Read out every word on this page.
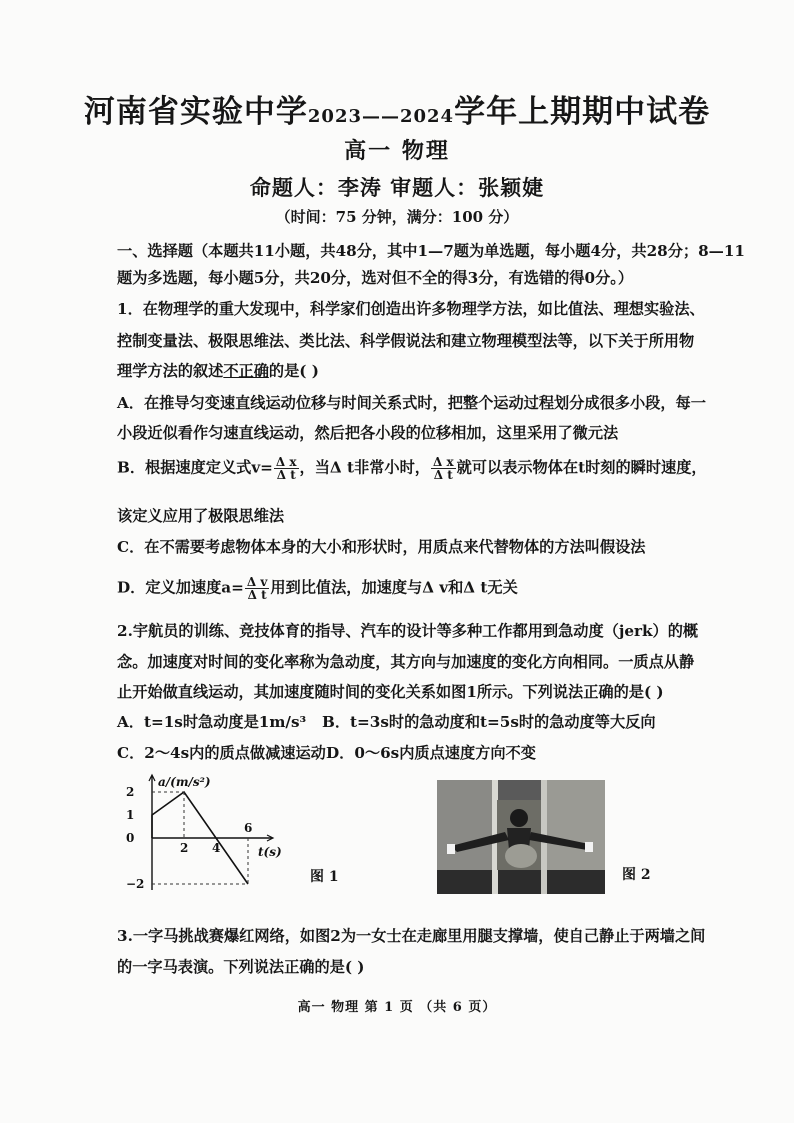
河南省实验中学2023——2024学年上期期中试卷
高一 物理
命题人：李涛 审题人：张颖婕
（时间：75 分钟，满分：100 分）
一、选择题（本题共11小题，共48分，其中1—7题为单选题，每小题4分，共28分；8—11
题为多选题，每小题5分，共20分，选对但不全的得3分，有选错的得0分。）
1．在物理学的重大发现中，科学家们创造出许多物理学方法，如比值法、理想实验法、
控制变量法、极限思维法、类比法、科学假说法和建立物理模型法等，以下关于所用物
理学方法的叙述不正确的是( )
A．在推导匀变速直线运动位移与时间关系式时，把整个运动过程划分成很多小段，每一
小段近似看作匀速直线运动，然后把各小段的位移相加，这里采用了微元法
B．根据速度定义式$v= \frac{\text{Δ x}}{\text{Δ t}}$ ，当Δ t非常小时， $\frac{\text{Δ x}}{\text{Δ t}}$ 就可以表示物体在t时刻的瞬时速度，
该定义应用了极限思维法
C．在不需要考虑物体本身的大小和形状时，用质点来代替物体的方法叫假设法
D．定义加速度$a= \frac{\text{Δ v}}{\text{Δ t}}$ 用到比值法，加速度与Δ v和Δ t无关
2.宇航员的训练、竞技体育的指导、汽车的设计等多种工作都用到急动度（jerk）的概
念。加速度对时间的变化率称为急动度，其方向与加速度的变化方向相同。一质点从静
止开始做直线运动，其加速度随时间的变化关系如图1所示。下列说法正确的是( )
A．t=1s时急动度是1m/s³ B．t=3s时的急动度和t=5s时的急动度等大反向
C．2～4s内的质点做减速运动 D．0～6s内质点速度方向不变
2
1
0
−2
2 4
6
a/(m/s²)
t(s)
图 1	图 2
3.一字马挑战赛爆红网络，如图2为一女士在走廊里用腿支撑墙，使自己静止于两墙之间
的一字马表演。下列说法正确的是( )
高一 物理 第 1 页 （共 6 页）
